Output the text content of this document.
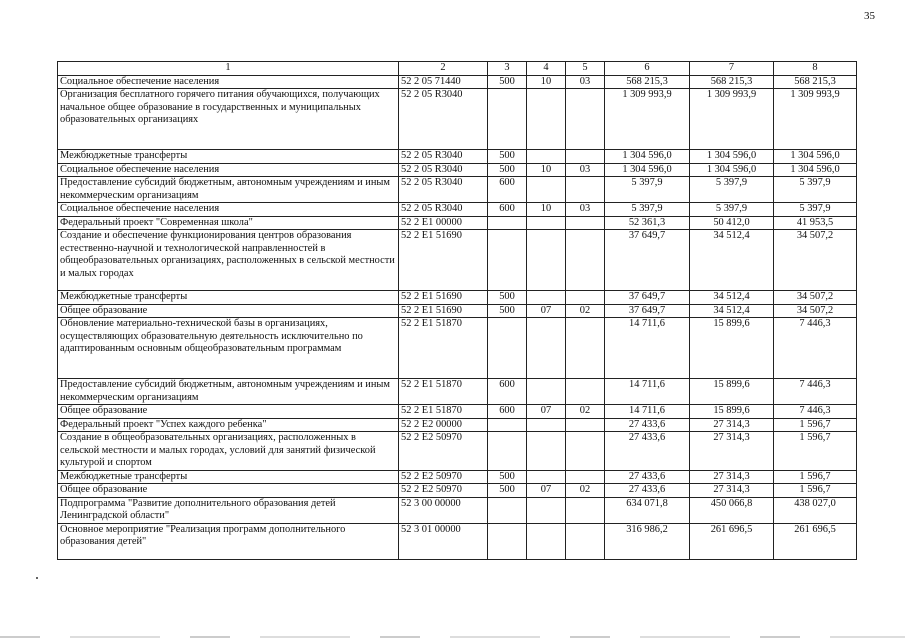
35
1	2	3	4	5	6	7	8
Социальное обеспечение населения	52 2 05 71440	500	10	03	568 215,3	568 215,3	568 215,3
Организация бесплатного горячего питания обучающихся, получающих начальное общее образование в государственных и муниципальных образовательных организациях	52 2 05 R3040				1 309 993,9	1 309 993,9	1 309 993,9
Межбюджетные трансферты	52 2 05 R3040	500			1 304 596,0	1 304 596,0	1 304 596,0
Социальное обеспечение населения	52 2 05 R3040	500	10	03	1 304 596,0	1 304 596,0	1 304 596,0
Предоставление субсидий бюджетным, автономным учреждениям и иным некоммерческим организациям	52 2 05 R3040	600			5 397,9	5 397,9	5 397,9
Социальное обеспечение населения	52 2 05 R3040	600	10	03	5 397,9	5 397,9	5 397,9
Федеральный проект "Современная школа"	52 2 E1 00000				52 361,3	50 412,0	41 953,5
Создание и обеспечение функционирования центров образования естественно-научной и технологической направленностей в общеобразовательных организациях, расположенных в сельской местности и малых городах	52 2 E1 51690				37 649,7	34 512,4	34 507,2
Межбюджетные трансферты	52 2 E1 51690	500			37 649,7	34 512,4	34 507,2
Общее образование	52 2 E1 51690	500	07	02	37 649,7	34 512,4	34 507,2
Обновление материально-технической базы в организациях, осуществляющих образовательную деятельность исключительно по адаптированным основным общеобразовательным программам	52 2 E1 51870				14 711,6	15 899,6	7 446,3
Предоставление субсидий бюджетным, автономным учреждениям и иным некоммерческим организациям	52 2 E1 51870	600			14 711,6	15 899,6	7 446,3
Общее образование	52 2 E1 51870	600	07	02	14 711,6	15 899,6	7 446,3
Федеральный проект "Успех каждого ребенка"	52 2 E2 00000				27 433,6	27 314,3	1 596,7
Создание в общеобразовательных организациях, расположенных в сельской местности и малых городах, условий для занятий физической культурой и спортом	52 2 E2 50970				27 433,6	27 314,3	1 596,7
Межбюджетные трансферты	52 2 E2 50970	500			27 433,6	27 314,3	1 596,7
Общее образование	52 2 E2 50970	500	07	02	27 433,6	27 314,3	1 596,7
Подпрограмма "Развитие дополнительного образования детей Ленинградской области"	52 3 00 00000				634 071,8	450 066,8	438 027,0
Основное мероприятие "Реализация программ дополнительного образования детей"	52 3 01 00000				316 986,2	261 696,5	261 696,5
